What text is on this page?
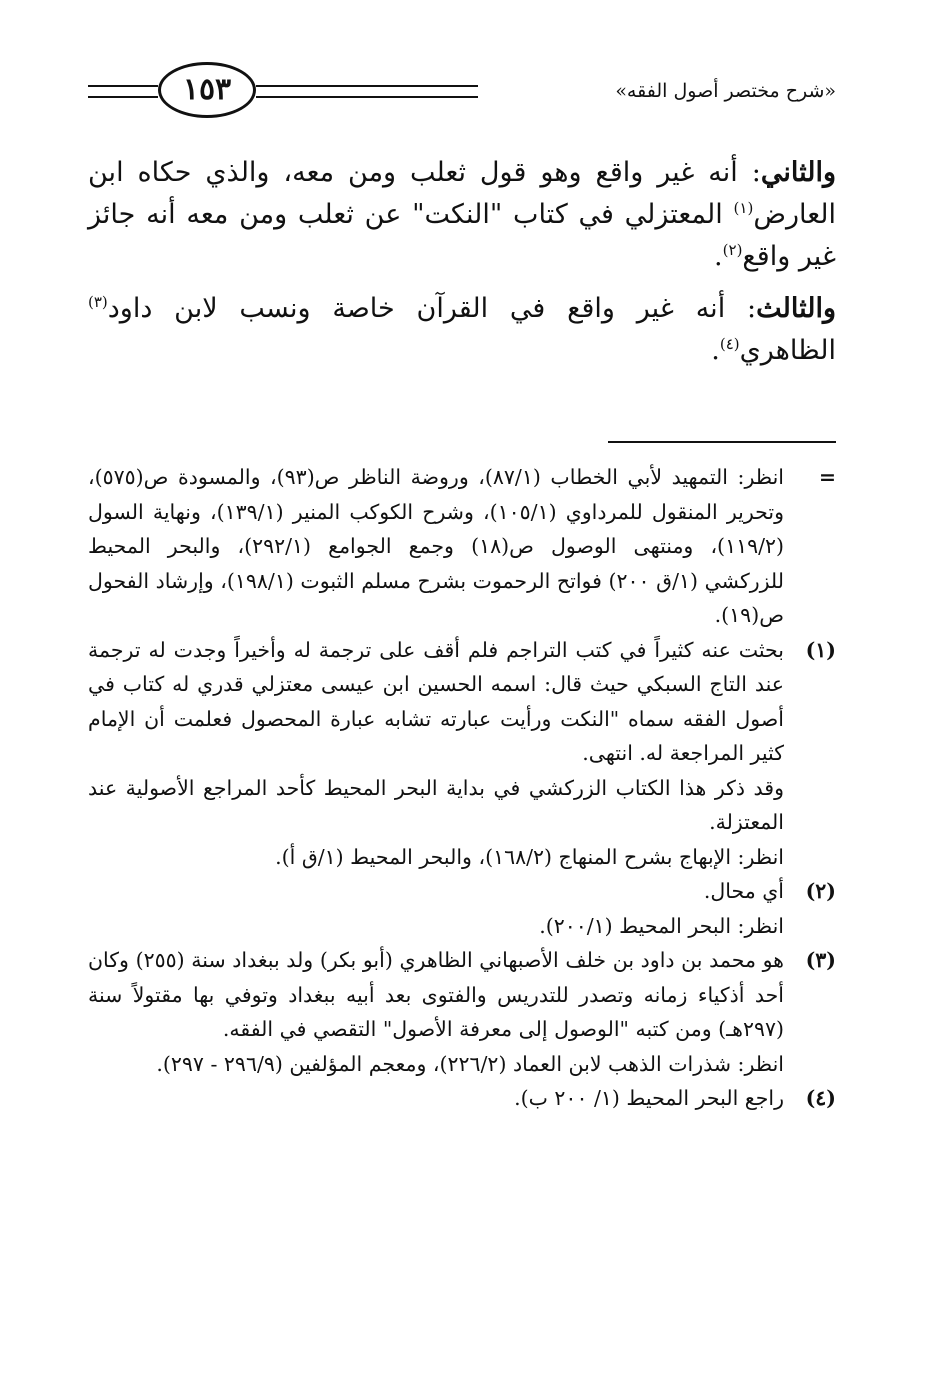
١٥٣	«شرح مختصر أصول الفقه»

والثاني: أنه غير واقع وهو قول ثعلب ومن معه، والذي حكاه ابن العارض$^{(١)}$ المعتزلي في كتاب "النكت" عن ثعلب ومن معه أنه جائز غير واقع$^{(٢)}$.

والثالث: أنه غير واقع في القرآن خاصة ونسب لابن داود$^{(٣)}$ الظاهري$^{(٤)}$.

=
انظر: التمهيد لأبي الخطاب (٨٧/١)، وروضة الناظر ص(٩٣)، والمسودة ص(٥٧٥)، وتحرير المنقول للمرداوي (١٠٥/١)، وشرح الكوكب المنير (١٣٩/١)، ونهاية السول (١١٩/٢)، ومنتهى الوصول ص(١٨) وجمع الجوامع (٢٩٢/١)، والبحر المحيط للزركشي (١/ق ٢٠٠) فواتح الرحموت بشرح مسلم الثبوت (١٩٨/١)، وإرشاد الفحول ص(١٩).
(١)
بحثت عنه كثيراً في كتب التراجم فلم أقف على ترجمة له وأخيراً وجدت له ترجمة عند التاج السبكي حيث قال: اسمه الحسين ابن عيسى معتزلي قدري له كتاب في أصول الفقه سماه "النكت ورأيت عبارته تشابه عبارة المحصول فعلمت أن الإمام كثير المراجعة له. انتهى.
وقد ذكر هذا الكتاب الزركشي في بداية البحر المحيط كأحد المراجع الأصولية عند المعتزلة.
انظر: الإبهاج بشرح المنهاج (١٦٨/٢)، والبحر المحيط (١/ق أ).
(٢)
أي محال.
انظر: البحر المحيط (٢٠٠/١).
(٣)
هو محمد بن داود بن خلف الأصبهاني الظاهري (أبو بكر) ولد ببغداد سنة (٢٥٥) وكان أحد أذكياء زمانه وتصدر للتدريس والفتوى بعد أبيه ببغداد وتوفي بها مقتولاً سنة (٢٩٧هـ) ومن كتبه "الوصول إلى معرفة الأصول" التقصي في الفقه.
انظر: شذرات الذهب لابن العماد (٢٢٦/٢)، ومعجم المؤلفين (٢٩٦/٩ - ٢٩٧).
(٤)
راجع البحر المحيط (١/ ٢٠٠ ب).
